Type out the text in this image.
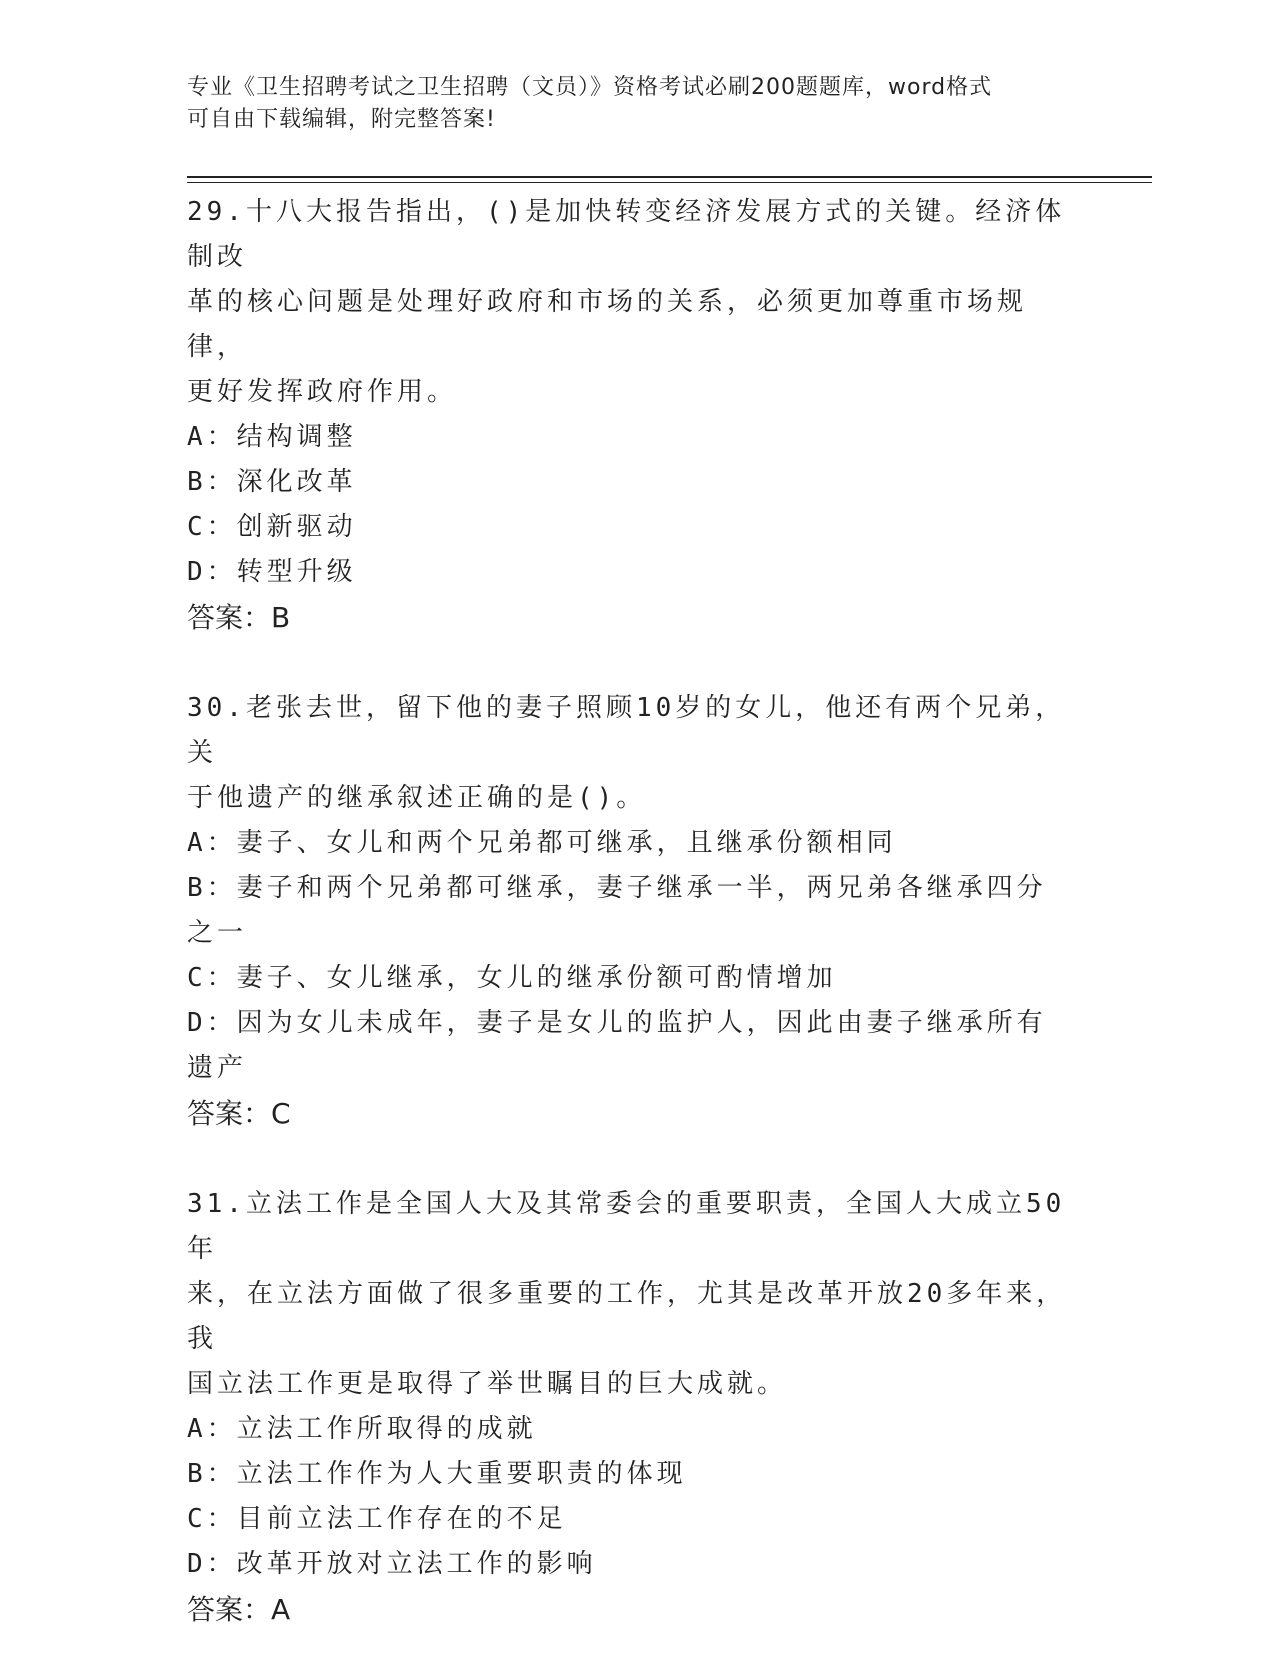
专业《卫生招聘考试之卫生招聘（文员）》资格考试必刷200题题库，word格式
可自由下载编辑，附完整答案!

29.十八大报告指出，()是加快转变经济发展方式的关键。经济体制改

革的核心问题是处理好政府和市场的关系，必须更加尊重市场规律，

更好发挥政府作用。

A：结构调整

B：深化改革

C：创新驱动

D：转型升级

答案：B

30.老张去世，留下他的妻子照顾10岁的女儿，他还有两个兄弟，关

于他遗产的继承叙述正确的是()。

A：妻子、女儿和两个兄弟都可继承，且继承份额相同

B：妻子和两个兄弟都可继承，妻子继承一半，两兄弟各继承四分之一

C：妻子、女儿继承，女儿的继承份额可酌情增加

D：因为女儿未成年，妻子是女儿的监护人，因此由妻子继承所有遗产

答案：C

31.立法工作是全国人大及其常委会的重要职责，全国人大成立50年

来，在立法方面做了很多重要的工作，尤其是改革开放20多年来，我

国立法工作更是取得了举世瞩目的巨大成就。

A：立法工作所取得的成就

B：立法工作作为人大重要职责的体现

C：目前立法工作存在的不足

D：改革开放对立法工作的影响

答案：A
